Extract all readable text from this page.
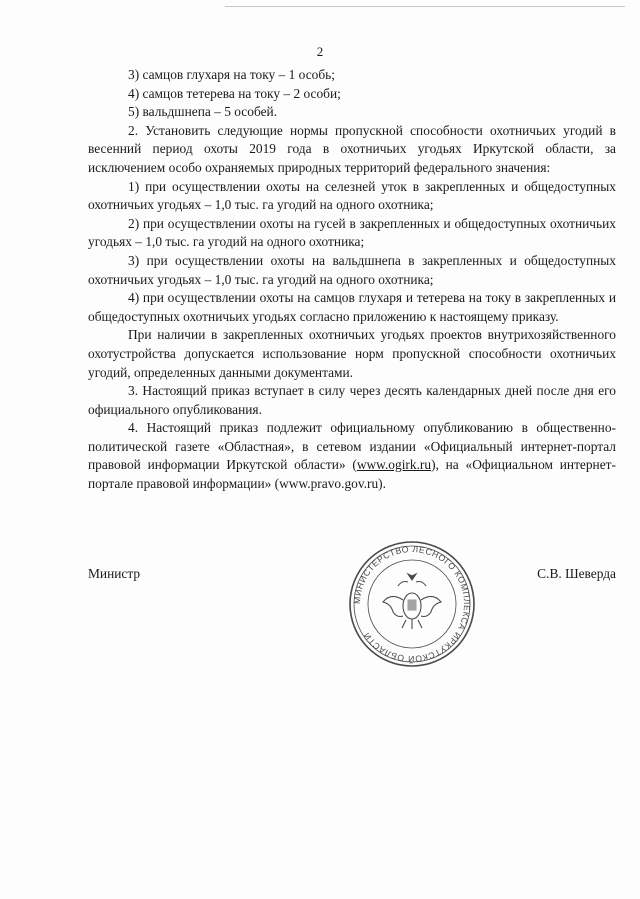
2

3) самцов глухаря на току – 1 особь;

4) самцов тетерева на току – 2 особи;

5) вальдшнепа – 5 особей.

2. Установить следующие нормы пропускной способности охотничьих угодий в весенний период охоты 2019 года в охотничьих угодьях Иркутской области, за исключением особо охраняемых природных территорий федерального значения:

1) при осуществлении охоты на селезней уток в закрепленных и общедоступных охотничьих угодьях – 1,0 тыс. га угодий на одного охотника;

2) при осуществлении охоты на гусей в закрепленных и общедоступных охотничьих угодьях – 1,0 тыс. га угодий на одного охотника;

3) при осуществлении охоты на вальдшнепа в закрепленных и общедоступных охотничьих угодьях – 1,0 тыс. га угодий на одного охотника;

4) при осуществлении охоты на самцов глухаря и тетерева на току в закрепленных и общедоступных охотничьих угодьях согласно приложению к настоящему приказу.

При наличии в закрепленных охотничьих угодьях проектов внутрихозяйственного охотустройства допускается использование норм пропускной способности охотничьих угодий, определенных данными документами.

3. Настоящий приказ вступает в силу через десять календарных дней после дня его официального опубликования.

4. Настоящий приказ подлежит официальному опубликованию в общественно-политической газете «Областная», в сетевом издании «Официальный интернет-портал правовой информации Иркутской области» (www.ogirk.ru), на «Официальном интернет-портале правовой информации» (www.pravo.gov.ru).

Министр	С.В. Шеверда
МИНИСТЕРСТВО ЛЕСНОГО КОМПЛЕКСА ИРКУТСКОЙ ОБЛАСТИ
